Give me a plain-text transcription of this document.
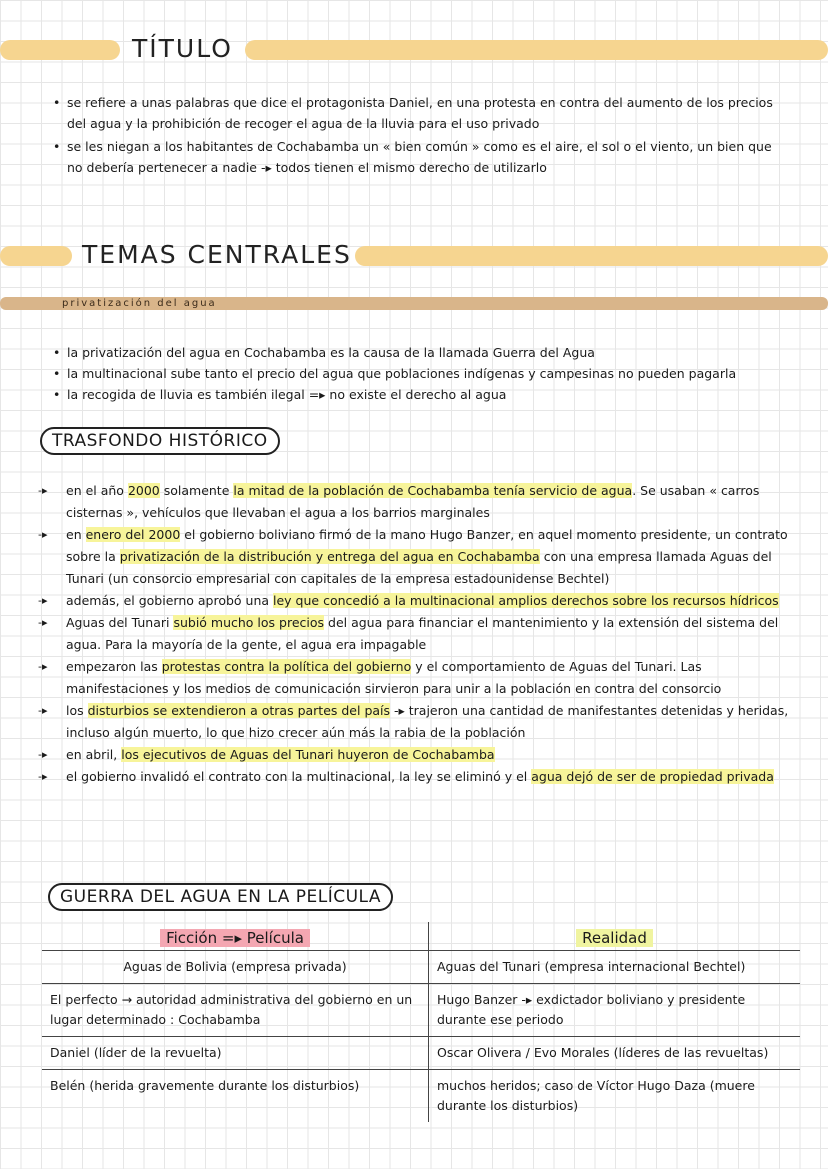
TÍTULO
• se refiere a unas palabras que dice el protagonista Daniel, en una protesta en contra del aumento de los precios del agua y la prohibición de recoger el agua de la lluvia para el uso privado
• se les niegan a los habitantes de Cochabamba un « bien común » como es el aire, el sol o el viento, un bien que no debería pertenecer a nadie -▸ todos tienen el mismo derecho de utilizarlo
TEMAS CENTRALES
privatización del agua
• la privatización del agua en Cochabamba es la causa de la llamada Guerra del Agua
• la multinacional sube tanto el precio del agua que poblaciones indígenas y campesinas no pueden pagarla
• la recogida de lluvia es también ilegal =▸ no existe el derecho al agua
TRASFONDO HISTÓRICO
-▸ en el año 2000 solamente la mitad de la población de Cochabamba tenía servicio de agua. Se usaban « carros cisternas », vehículos que llevaban el agua a los barrios marginales
-▸ en enero del 2000 el gobierno boliviano firmó de la mano Hugo Banzer, en aquel momento presidente, un contrato sobre la privatización de la distribución y entrega del agua en Cochabamba con una empresa llamada Aguas del Tunari (un consorcio empresarial con capitales de la empresa estadounidense Bechtel)
-▸ además, el gobierno aprobó una ley que concedió a la multinacional amplios derechos sobre los recursos hídricos
-▸ Aguas del Tunari subió mucho los precios del agua para financiar el mantenimiento y la extensión del sistema del agua. Para la mayoría de la gente, el agua era impagable
-▸ empezaron las protestas contra la política del gobierno y el comportamiento de Aguas del Tunari. Las manifestaciones y los medios de comunicación sirvieron para unir a la población en contra del consorcio
-▸ los disturbios se extendieron a otras partes del país -▸ trajeron una cantidad de manifestantes detenidas y heridas, incluso algún muerto, lo que hizo crecer aún más la rabia de la población
-▸ en abril, los ejecutivos de Aguas del Tunari huyeron de Cochabamba
-▸ el gobierno invalidó el contrato con la multinacional, la ley se eliminó y el agua dejó de ser de propiedad privada
GUERRA DEL AGUA EN LA PELÍCULA
Ficción =▸ Película	Realidad
Aguas de Bolivia (empresa privada)	Aguas del Tunari (empresa internacional Bechtel)
El perfecto → autoridad administrativa del gobierno en un lugar determinado : Cochabamba	Hugo Banzer -▸ exdictador boliviano y presidente durante ese periodo
Daniel (líder de la revuelta)	Oscar Olivera / Evo Morales (líderes de las revueltas)
Belén (herida gravemente durante los disturbios)	muchos heridos; caso de Víctor Hugo Daza (muere durante los disturbios)
